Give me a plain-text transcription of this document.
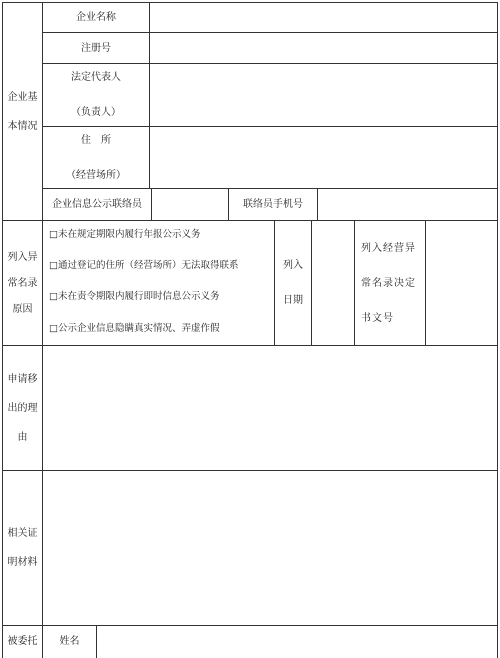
企业基
本情况
企业名称
注册号
法定代表人
（负责人）
住　所
（经营场所）
企业信息公示联络员	联络员手机号
列入异
常名录
原因
□未在规定期限内履行年报公示义务
□通过登记的住所（经营场所）无法取得联系
□未在责令期限内履行即时信息公示义务
□公示企业信息隐瞒真实情况、弄虚作假
列入
日期
列入经营异
常名录决定
书文号
申请移
出的理
由
相关证
明材料
被委托	姓名
